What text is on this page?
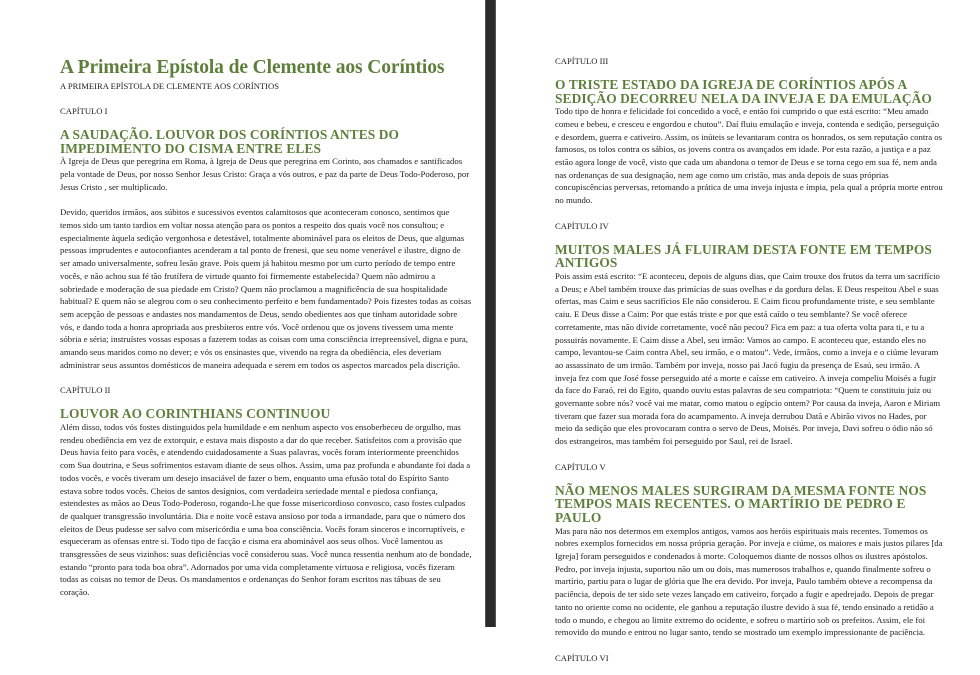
A Primeira Epístola de Clemente aos Coríntios
A PRIMEIRA EPÍSTOLA DE CLEMENTE AOS CORÍNTIOS
CAPÍTULO I
A SAUDAÇÃO. LOUVOR DOS CORÍNTIOS ANTES DO IMPEDIMENTO DO CISMA ENTRE ELES

À Igreja de Deus que peregrina em Roma, à Igreja de Deus que peregrina em Corinto, aos chamados e santificados pela vontade de Deus, por nosso Senhor Jesus Cristo: Graça a vós outros, e paz da parte de Deus Todo-Poderoso, por Jesus Cristo , ser multiplicado.

Devido, queridos irmãos, aos súbitos e sucessivos eventos calamitosos que aconteceram conosco, sentimos que temos sido um tanto tardios em voltar nossa atenção para os pontos a respeito dos quais você nos consultou; e especialmente àquela sedição vergonhosa e detestável, totalmente abominável para os eleitos de Deus, que algumas pessoas imprudentes e autoconfiantes acenderam a tal ponto de frenesi, que seu nome venerável e ilustre, digno de ser amado universalmente, sofreu lesão grave. Pois quem já habitou mesmo por um curto período de tempo entre vocês, e não achou sua fé tão frutífera de virtude quanto foi firmemente estabelecida? Quem não admirou a sobriedade e moderação de sua piedade em Cristo? Quem não proclamou a magnificência de sua hospitalidade habitual? E quem não se alegrou com o seu conhecimento perfeito e bem fundamentado? Pois fizestes todas as coisas sem acepção de pessoas e andastes nos mandamentos de Deus, sendo obedientes aos que tinham autoridade sobre vós, e dando toda a honra apropriada aos presbíteros entre vós. Você ordenou que os jovens tivessem uma mente sóbria e séria; instruístes vossas esposas a fazerem todas as coisas com uma consciência irrepreensível, digna e pura, amando seus maridos como no dever; e vós os ensinastes que, vivendo na regra da obediência, eles deveriam administrar seus assuntos domésticos de maneira adequada e serem em todos os aspectos marcados pela discrição.

CAPÍTULO II
LOUVOR AO CORINTHIANS CONTINUOU

Além disso, todos vós fostes distinguidos pela humildade e em nenhum aspecto vos ensoberbeceu de orgulho, mas rendeu obediência em vez de extorquir, e estava mais disposto a dar do que receber. Satisfeitos com a provisão que Deus havia feito para vocês, e atendendo cuidadosamente a Suas palavras, vocês foram interiormente preenchidos com Sua doutrina, e Seus sofrimentos estavam diante de seus olhos. Assim, uma paz profunda e abundante foi dada a todos vocês, e vocês tiveram um desejo insaciável de fazer o bem, enquanto uma efusão total do Espírito Santo estava sobre todos vocês. Cheios de santos desígnios, com verdadeira seriedade mental e piedosa confiança, estendestes as mãos ao Deus Todo-Poderoso, rogando-Lhe que fosse misericordioso convosco, caso fostes culpados de qualquer transgressão involuntária. Dia e noite você estava ansioso por toda a irmandade, para que o número dos eleitos de Deus pudesse ser salvo com misericórdia e uma boa consciência. Vocês foram sinceros e incorruptíveis, e esqueceram as ofensas entre si. Todo tipo de facção e cisma era abominável aos seus olhos. Você lamentou as transgressões de seus vizinhos: suas deficiências você considerou suas. Você nunca ressentia nenhum ato de bondade, estando “pronto para toda boa obra”. Adornados por uma vida completamente virtuosa e religiosa, vocês fizeram todas as coisas no temor de Deus. Os mandamentos e ordenanças do Senhor foram escritos nas tábuas de seu coração.

CAPÍTULO III
O TRISTE ESTADO DA IGREJA DE CORÍNTIOS APÓS A SEDIÇÃO DECORREU NELA DA INVEJA E DA EMULAÇÃO

Todo tipo de honra e felicidade foi concedido a você, e então foi cumprido o que está escrito: “Meu amado comeu e bebeu, e cresceu e engordou e chutou”. Daí fluiu emulação e inveja, contenda e sedição, perseguição e desordem, guerra e cativeiro. Assim, os inúteis se levantaram contra os honrados, os sem reputação contra os famosos, os tolos contra os sábios, os jovens contra os avançados em idade. Por esta razão, a justiça e a paz estão agora longe de você, visto que cada um abandona o temor de Deus e se torna cego em sua fé, nem anda nas ordenanças de sua designação, nem age como um cristão, mas anda depois de suas próprias concupiscências perversas, retomando a prática de uma inveja injusta e ímpia, pela qual a própria morte entrou no mundo.

CAPÍTULO IV
MUITOS MALES JÁ FLUIRAM DESTA FONTE EM TEMPOS ANTIGOS

Pois assim está escrito: “E aconteceu, depois de alguns dias, que Caim trouxe dos frutos da terra um sacrifício a Deus; e Abel também trouxe das primícias de suas ovelhas e da gordura delas. E Deus respeitou Abel e suas ofertas, mas Caim e seus sacrifícios Ele não considerou. E Caim ficou profundamente triste, e seu semblante caiu. E Deus disse a Caim: Por que estás triste e por que está caído o teu semblante? Se você oferece corretamente, mas não divide corretamente, você não pecou? Fica em paz: a tua oferta volta para ti, e tu a possuirás novamente. E Caim disse a Abel, seu irmão: Vamos ao campo. E aconteceu que, estando eles no campo, levantou-se Caim contra Abel, seu irmão, e o matou”. Vede, irmãos, como a inveja e o ciúme levaram ao assassinato de um irmão. Também por inveja, nosso pai Jacó fugiu da presença de Esaú, seu irmão. A inveja fez com que José fosse perseguido até a morte e caísse em cativeiro. A inveja compeliu Moisés a fugir da face do Faraó, rei do Egito, quando ouviu estas palavras de seu compatriota: “Quem te constituiu juiz ou governante sobre nós? você vai me matar, como matou o egípcio ontem? Por causa da inveja, Aaron e Miriam tiveram que fazer sua morada fora do acampamento. A inveja derrubou Datã e Abirão vivos no Hades, por meio da sedição que eles provocaram contra o servo de Deus, Moisés. Por inveja, Davi sofreu o ódio não só dos estrangeiros, mas também foi perseguido por Saul, rei de Israel.

CAPÍTULO V
NÃO MENOS MALES SURGIRAM DA MESMA FONTE NOS TEMPOS MAIS RECENTES. O MARTÍRIO DE PEDRO E PAULO

Mas para não nos determos em exemplos antigos, vamos aos heróis espirituais mais recentes. Tomemos os nobres exemplos fornecidos em nossa própria geração. Por inveja e ciúme, os maiores e mais justos pilares [da Igreja] foram perseguidos e condenados à morte. Coloquemos diante de nossos olhos os ilustres apóstolos. Pedro, por inveja injusta, suportou não um ou dois, mas numerosos trabalhos e, quando finalmente sofreu o martírio, partiu para o lugar de glória que lhe era devido. Por inveja, Paulo também obteve a recompensa da paciência, depois de ter sido sete vezes lançado em cativeiro, forçado a fugir e apedrejado. Depois de pregar tanto no oriente como no ocidente, ele ganhou a reputação ilustre devido à sua fé, tendo ensinado a retidão a todo o mundo, e chegou ao limite extremo do ocidente, e sofreu o martírio sob os prefeitos. Assim, ele foi removido do mundo e entrou no lugar santo, tendo se mostrado um exemplo impressionante de paciência.

CAPÍTULO VI
